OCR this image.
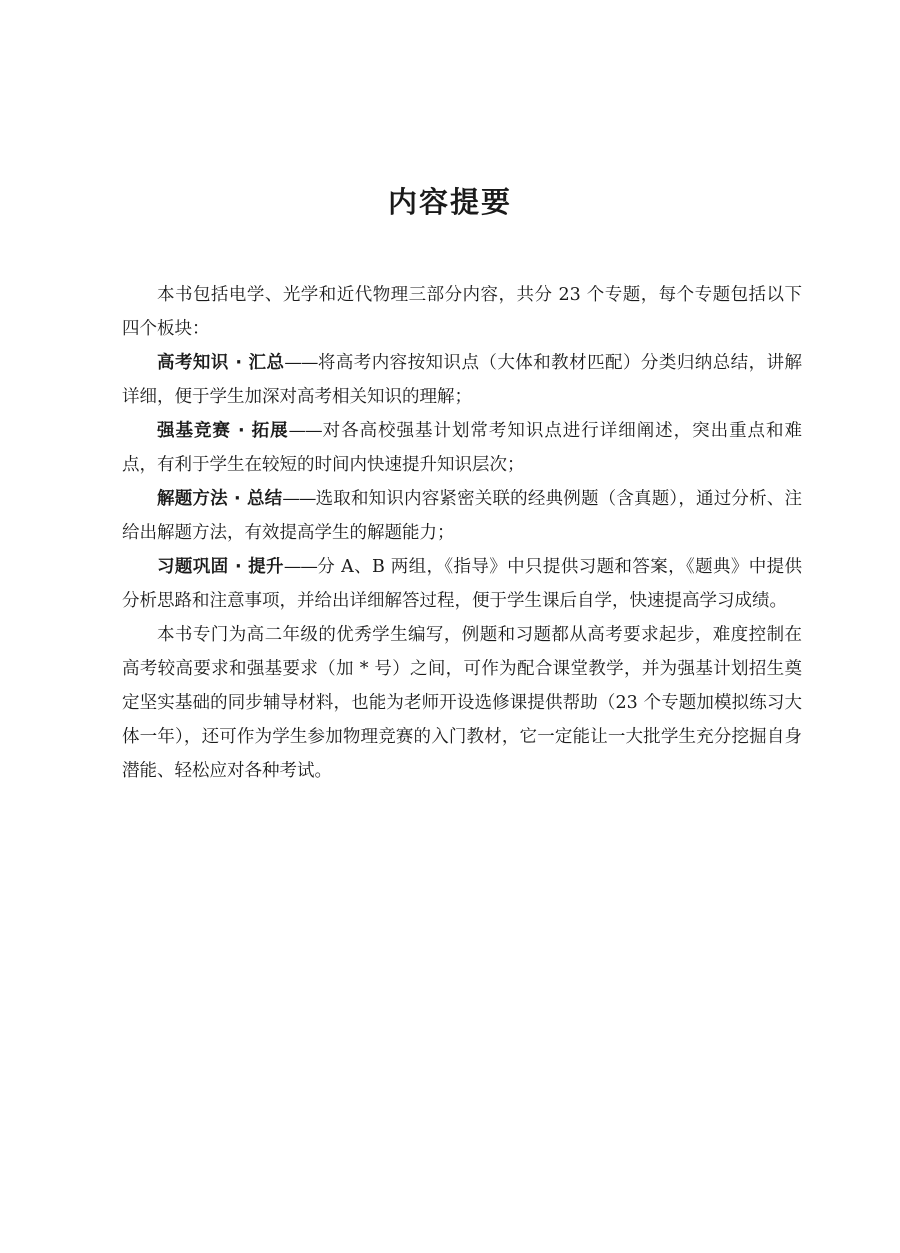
内容提要

本书包括电学、光学和近代物理三部分内容，共分 23 个专题，每个专题包括以下四个板块：

高考知识 · 汇总——将高考内容按知识点（大体和教材匹配）分类归纳总结，讲解详细，便于学生加深对高考相关知识的理解；

强基竞赛 · 拓展——对各高校强基计划常考知识点进行详细阐述，突出重点和难点，有利于学生在较短的时间内快速提升知识层次；

解题方法 · 总结——选取和知识内容紧密关联的经典例题（含真题），通过分析、注给出解题方法，有效提高学生的解题能力；

习题巩固 · 提升——分 A、B 两组，《指导》中只提供习题和答案，《题典》中提供分析思路和注意事项，并给出详细解答过程，便于学生课后自学，快速提高学习成绩。

本书专门为高二年级的优秀学生编写，例题和习题都从高考要求起步，难度控制在高考较高要求和强基要求（加 * 号）之间，可作为配合课堂教学，并为强基计划招生奠定坚实基础的同步辅导材料，也能为老师开设选修课提供帮助（23 个专题加模拟练习大体一年），还可作为学生参加物理竞赛的入门教材，它一定能让一大批学生充分挖掘自身潜能、轻松应对各种考试。
